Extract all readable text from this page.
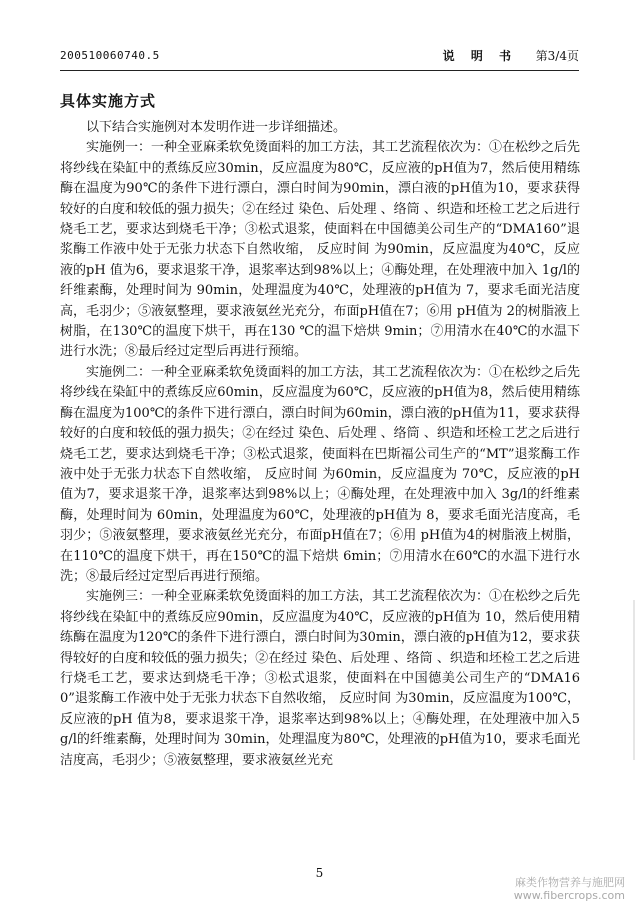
200510060740.5	说 明 书 第3/4页
具体实施方式

以下结合实施例对本发明作进一步详细描述。

实施例一：一种全亚麻柔软免烫面料的加工方法，其工艺流程依次为：①在松纱之后先将纱线在染缸中的煮练反应30min，反应温度为80℃，反应液的pH值为7，然后使用精练酶在温度为90℃的条件下进行漂白，漂白时间为90min，漂白液的pH值为10，要求获得较好的白度和较低的强力损失；②在经过 染色、后处理 、络筒 、织造和坯检工艺之后进行烧毛工艺，要求达到烧毛干净；③松式退浆，使面料在中国德美公司生产的“DMA160”退浆酶工作液中处于无张力状态下自然收缩， 反应时间 为90min，反应温度为40℃，反应液的pH 值为6，要求退浆干净，退浆率达到98%以上；④酶处理，在处理液中加入 1g/l的纤维素酶，处理时间为 90min，处理温度为40℃，处理液的pH值为 7，要求毛面光洁度高，毛羽少；⑤液氨整理，要求液氨丝光充分，布面pH值在7；⑥用 pH值为 2的树脂液上树脂，在130℃的温度下烘干，再在130 ℃的温下焙烘 9min；⑦用清水在40℃的水温下进行水洗；⑧最后经过定型后再进行预缩。

实施例二：一种全亚麻柔软免烫面料的加工方法，其工艺流程依次为：①在松纱之后先将纱线在染缸中的煮练反应60min，反应温度为60℃，反应液的pH值为8，然后使用精练酶在温度为100℃的条件下进行漂白，漂白时间为60min，漂白液的pH值为11，要求获得较好的白度和较低的强力损失；②在经过 染色、后处理 、络筒 、织造和坯检工艺之后进行烧毛工艺，要求达到烧毛干净；③松式退浆，使面料在巴斯福公司生产的“MT”退浆酶工作液中处于无张力状态下自然收缩， 反应时间 为60min，反应温度为 70℃，反应液的pH 值为7，要求退浆干净，退浆率达到98%以上；④酶处理，在处理液中加入 3g/l的纤维素酶，处理时间为 60min，处理温度为60℃，处理液的pH值为 8，要求毛面光洁度高，毛羽少；⑤液氨整理，要求液氨丝光充分，布面pH值在7；⑥用 pH值为4的树脂液上树脂，在110℃的温度下烘干，再在150℃的温下焙烘 6min；⑦用清水在60℃的水温下进行水洗；⑧最后经过定型后再进行预缩。

实施例三：一种全亚麻柔软免烫面料的加工方法，其工艺流程依次为：①在松纱之后先将纱线在染缸中的煮练反应90min，反应温度为40℃，反应液的pH值为 10，然后使用精练酶在温度为120℃的条件下进行漂白，漂白时间为30min，漂白液的pH值为12，要求获得较好的白度和较低的强力损失；②在经过 染色、后处理 、络筒 、织造和坯检工艺之后进行烧毛工艺，要求达到烧毛干净；③松式退浆，使面料在中国德美公司生产的“DMA160”退浆酶工作液中处于无张力状态下自然收缩， 反应时间 为30min，反应温度为100℃，反应液的pH 值为8，要求退浆干净，退浆率达到98%以上；④酶处理，在处理液中加入5g/l的纤维素酶，处理时间为 30min，处理温度为80℃，处理液的pH值为10，要求毛面光洁度高，毛羽少；⑤液氨整理，要求液氨丝光充

5
麻类作物营养与施肥网
www.fibercrops.com
